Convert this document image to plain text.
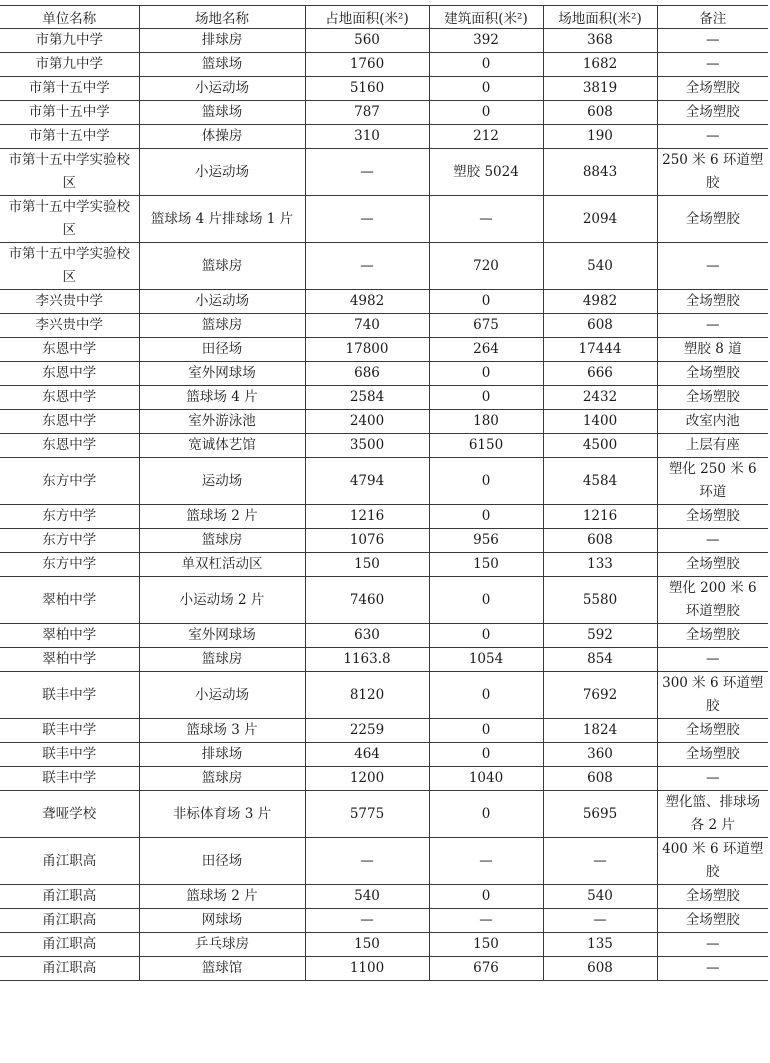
单位名称	场地名称	占地面积(米²)	建筑面积(米²)	场地面积(米²)	备注
市第九中学	排球房	560	392	368	—
市第九中学	篮球场	1760	0	1682	—
市第十五中学	小运动场	5160	0	3819	全场塑胶
市第十五中学	篮球场	787	0	608	全场塑胶
市第十五中学	体操房	310	212	190	—
市第十五中学实验校区	小运动场	—	塑胶 5024	8843	250 米 6 环道塑胶
市第十五中学实验校区	篮球场 4 片排球场 1 片	—	—	2094	全场塑胶
市第十五中学实验校区	篮球房	—	720	540	—
李兴贵中学	小运动场	4982	0	4982	全场塑胶
李兴贵中学	篮球房	740	675	608	—
东恩中学	田径场	17800	264	17444	塑胶 8 道
东恩中学	室外网球场	686	0	666	全场塑胶
东恩中学	篮球场 4 片	2584	0	2432	全场塑胶
东恩中学	室外游泳池	2400	180	1400	改室内池
东恩中学	宽诚体艺馆	3500	6150	4500	上层有座
东方中学	运动场	4794	0	4584	塑化 250 米 6 环道
东方中学	篮球场 2 片	1216	0	1216	全场塑胶
东方中学	篮球房	1076	956	608	—
东方中学	单双杠活动区	150	150	133	全场塑胶
翠柏中学	小运动场 2 片	7460	0	5580	塑化 200 米 6 环道塑胶
翠柏中学	室外网球场	630	0	592	全场塑胶
翠柏中学	篮球房	1163.8	1054	854	—
联丰中学	小运动场	8120	0	7692	300 米 6 环道塑胶
联丰中学	篮球场 3 片	2259	0	1824	全场塑胶
联丰中学	排球场	464	0	360	全场塑胶
联丰中学	篮球房	1200	1040	608	—
聋哑学校	非标体育场 3 片	5775	0	5695	塑化篮、排球场各 2 片
甬江职高	田径场	—	—	—	400 米 6 环道塑胶
甬江职高	篮球场 2 片	540	0	540	全场塑胶
甬江职高	网球场	—	—	—	全场塑胶
甬江职高	乒乓球房	150	150	135	—
甬江职高	篮球馆	1100	676	608	—
